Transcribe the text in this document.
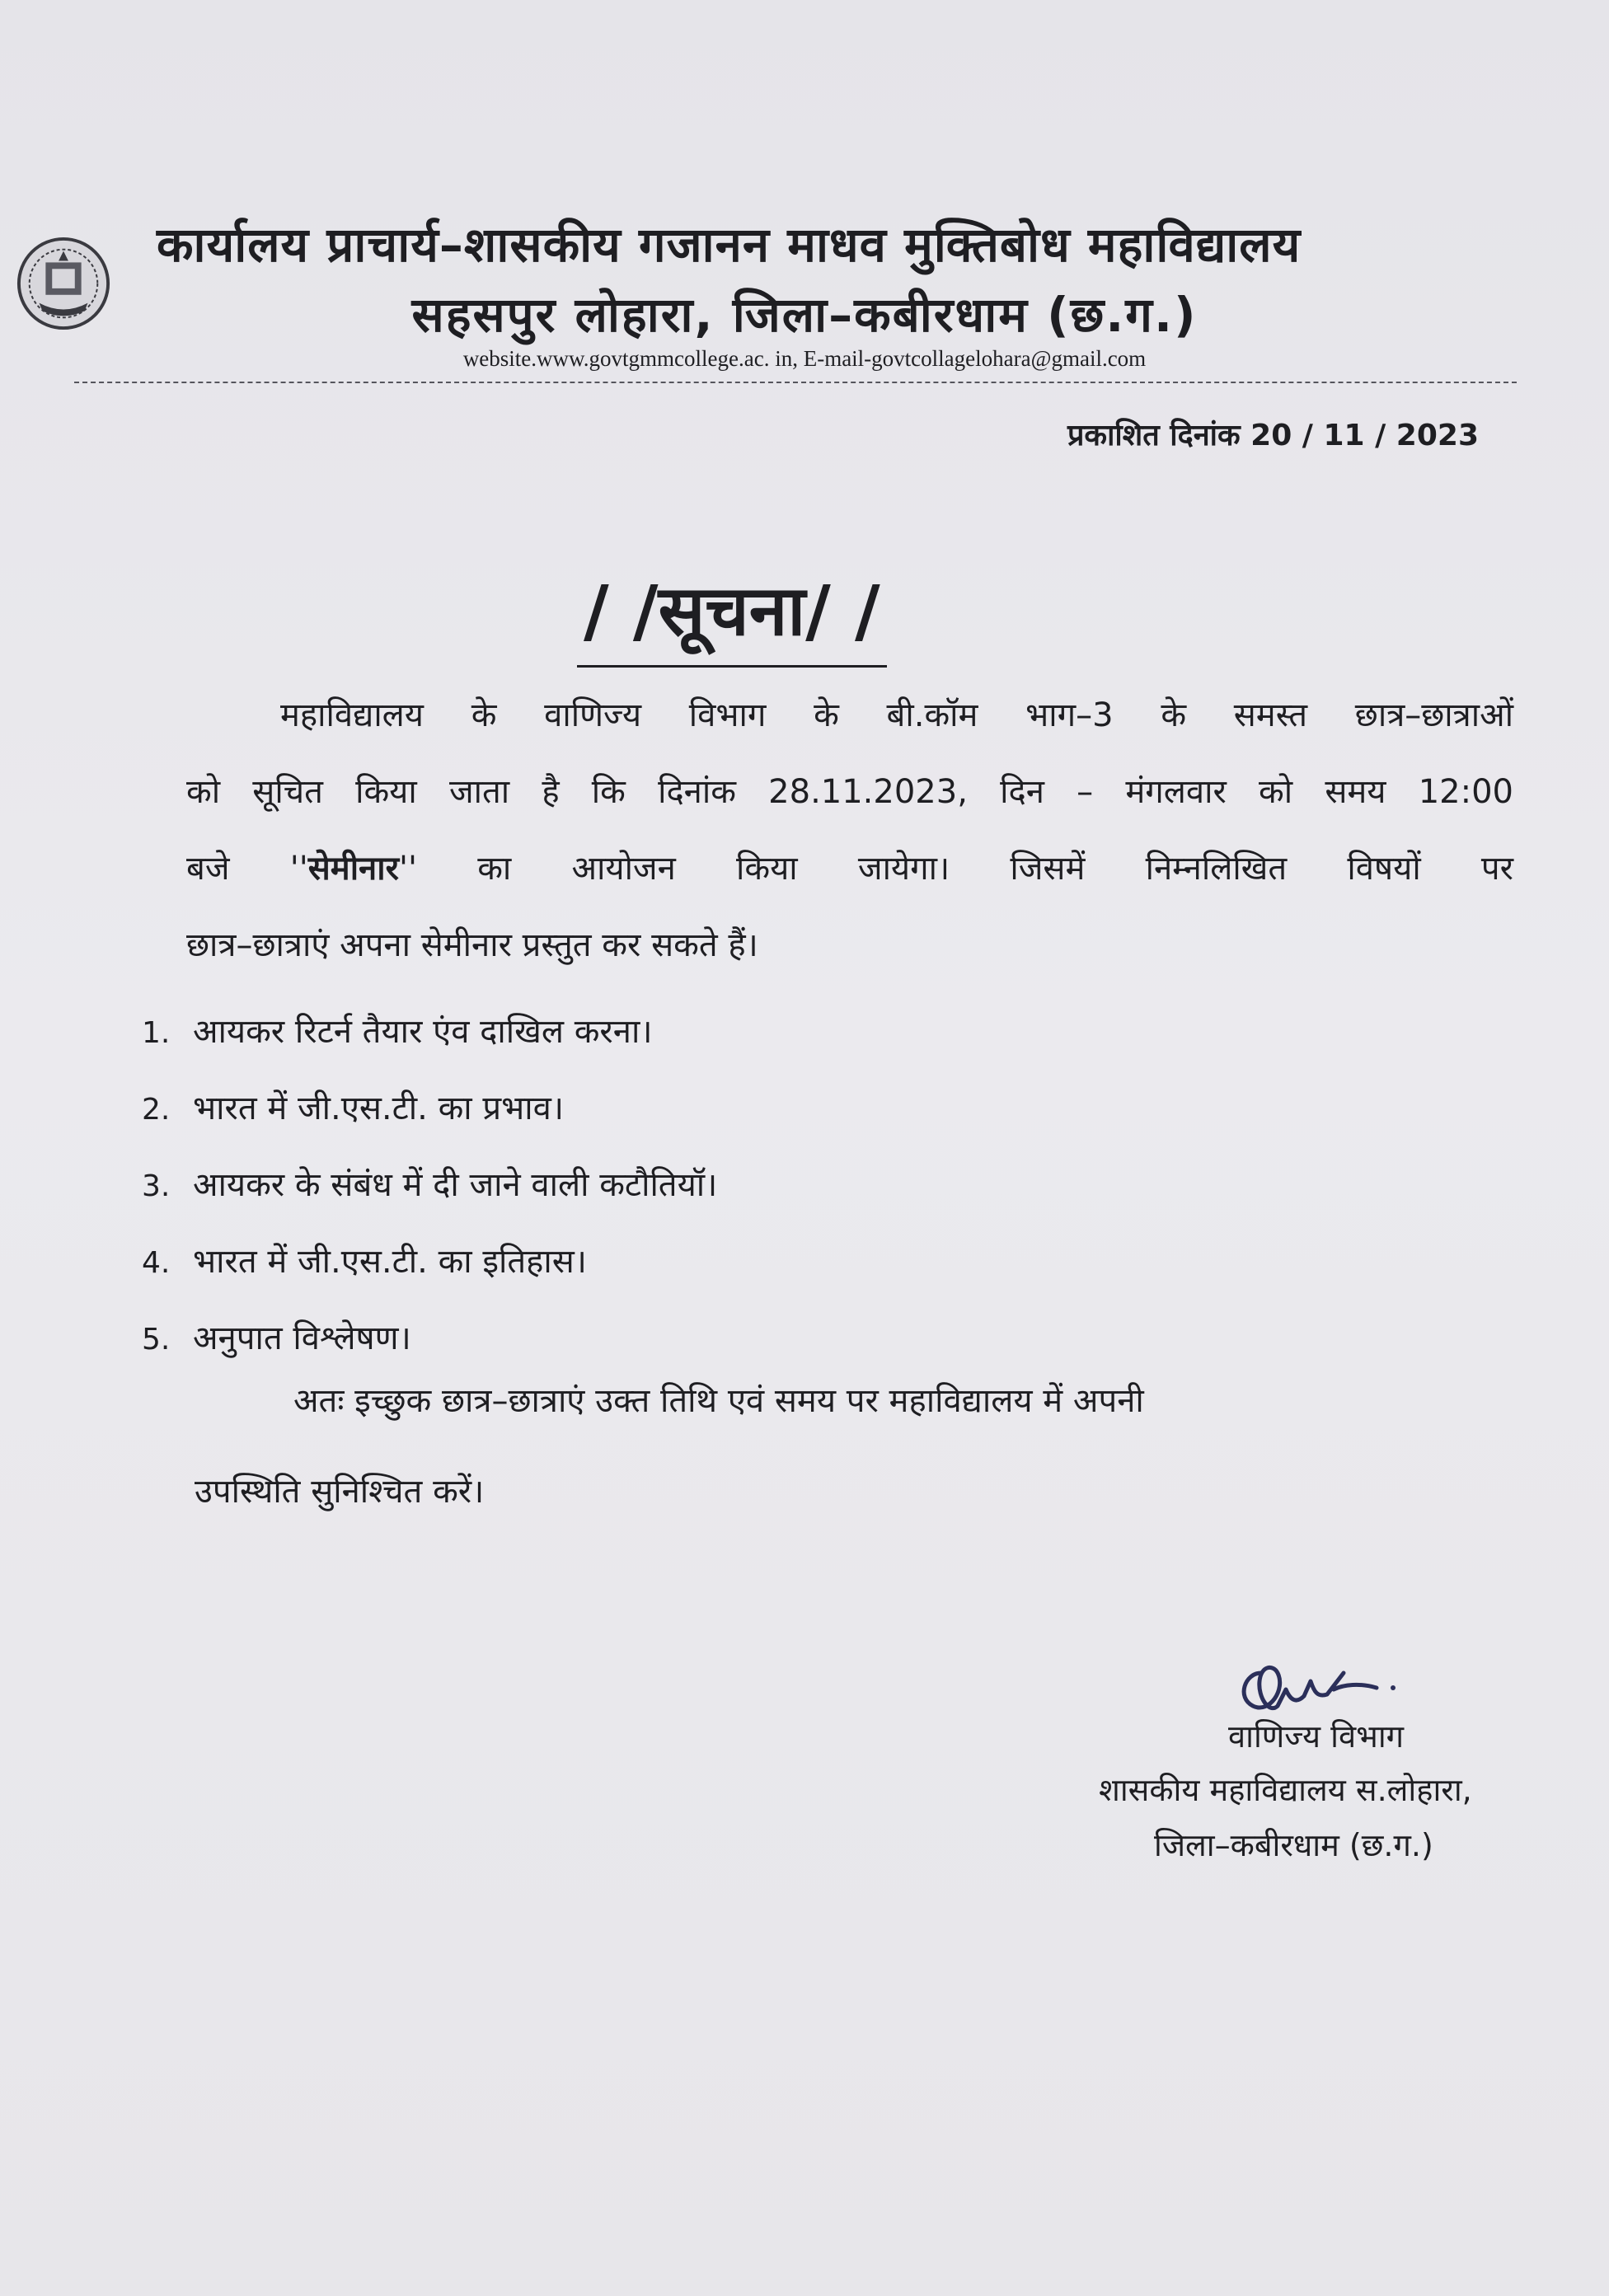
कार्यालय प्राचार्य–शासकीय गजानन माधव मुक्तिबोध महाविद्यालय
सहसपुर लोहारा, जिला–कबीरधाम (छ.ग.)
website.www.govtgmmcollege.ac. in, E-mail-govtcollagelohara@gmail.com
प्रकाशित दिनांक 20 / 11 / 2023
/ /सूचना/ /
महाविद्यालय के वाणिज्य विभाग के बी.कॉम भाग–3 के समस्त छात्र–छात्राओं
को सूचित किया जाता है कि दिनांक 28.11.2023, दिन – मंगलवार को समय 12:00
बजे ''सेमीनार'' का आयोजन किया जायेगा। जिसमें निम्नलिखित विषयों पर
छात्र–छात्राएं अपना सेमीनार प्रस्तुत कर सकते हैं।
1. आयकर रिटर्न तैयार एंव दाखिल करना।
2. भारत में जी.एस.टी. का प्रभाव।
3. आयकर के संबंध में दी जाने वाली कटौतियॉ।
4. भारत में जी.एस.टी. का इतिहास।
5. अनुपात विश्लेषण।
अतः इच्छुक छात्र–छात्राएं उक्त तिथि एवं समय पर महाविद्यालय में अपनी
उपस्थिति सुनिश्चित करें।
वाणिज्य विभाग
शासकीय महाविद्यालय स.लोहारा,
जिला–कबीरधाम (छ.ग.)
